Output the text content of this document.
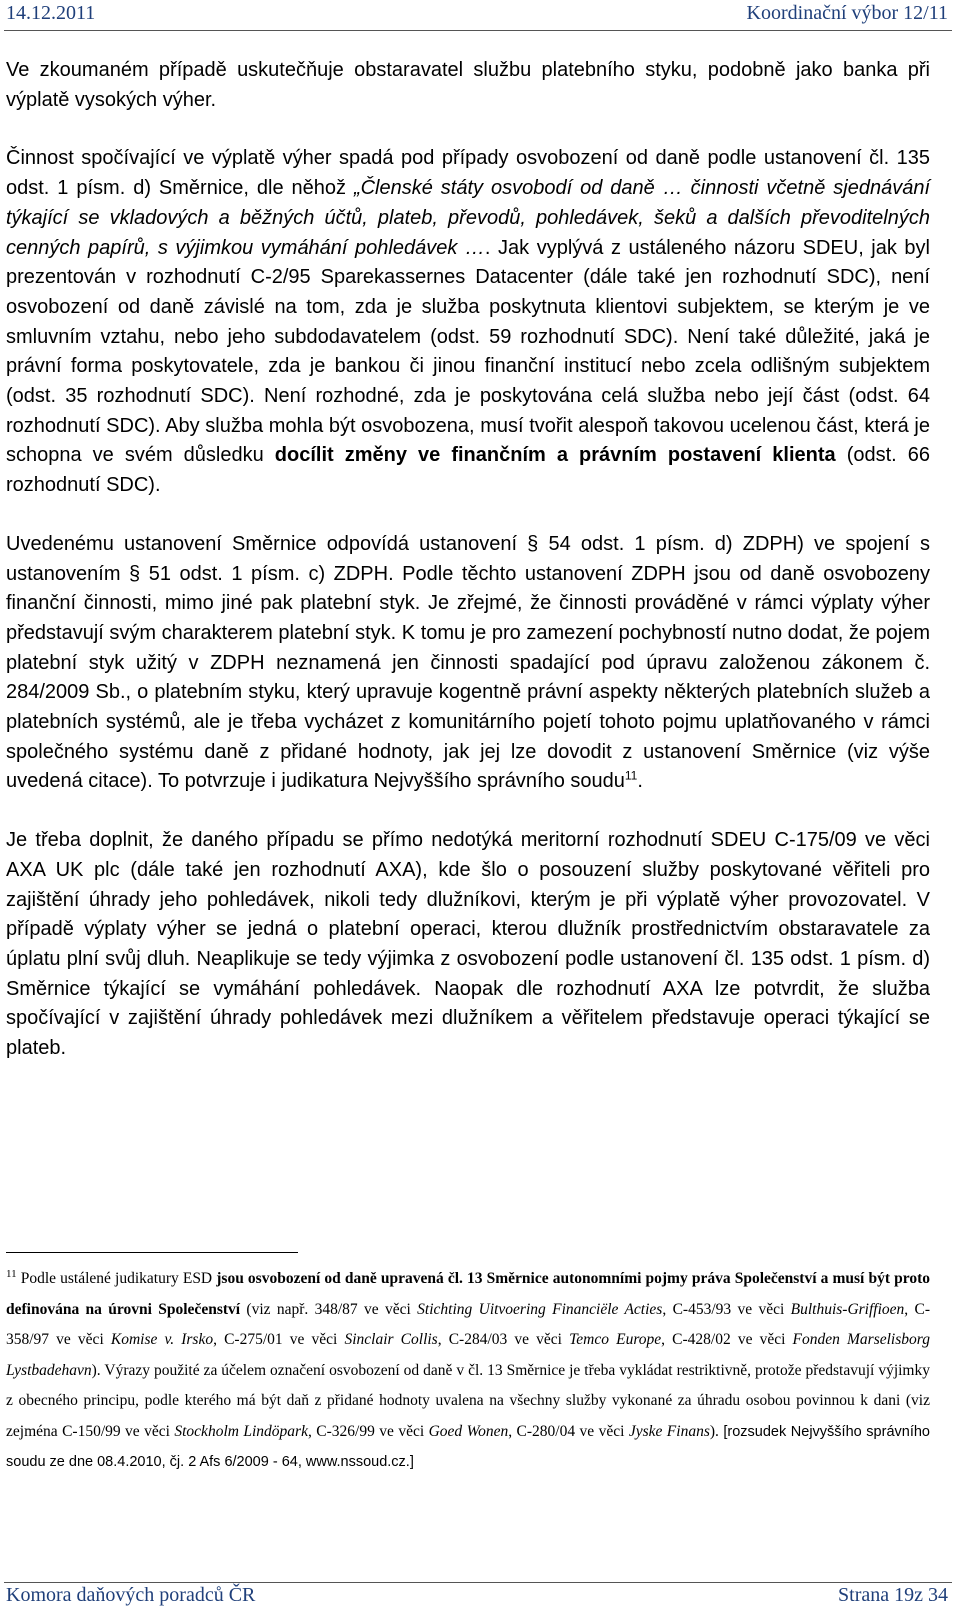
14.12.2011	Koordinační výbor 12/11

Ve zkoumaném případě uskutečňuje obstaravatel službu platebního styku, podobně jako banka při výplatě vysokých výher.

Činnost spočívající ve výplatě výher spadá pod případy osvobození od daně podle ustanovení čl. 135 odst. 1 písm. d) Směrnice, dle něhož „Členské státy osvobodí od daně … činnosti včetně sjednávání týkající se vkladových a běžných účtů, plateb, převodů, pohledávek, šeků a dalších převoditelných cenných papírů, s výjimkou vymáhání pohledávek …. Jak vyplývá z ustáleného názoru SDEU, jak byl prezentován v rozhodnutí C-2/95 Sparekassernes Datacenter (dále také jen rozhodnutí SDC), není osvobození od daně závislé na tom, zda je služba poskytnuta klientovi subjektem, se kterým je ve smluvním vztahu, nebo jeho subdodavatelem (odst. 59 rozhodnutí SDC). Není také důležité, jaká je právní forma poskytovatele, zda je bankou či jinou finanční institucí nebo zcela odlišným subjektem (odst. 35 rozhodnutí SDC). Není rozhodné, zda je poskytována celá služba nebo její část (odst. 64 rozhodnutí SDC). Aby služba mohla být osvobozena, musí tvořit alespoň takovou ucelenou část, která je schopna ve svém důsledku docílit změny ve finančním a právním postavení klienta (odst. 66 rozhodnutí SDC).

Uvedenému ustanovení Směrnice odpovídá ustanovení § 54 odst. 1 písm. d) ZDPH) ve spojení s ustanovením § 51 odst. 1 písm. c) ZDPH. Podle těchto ustanovení ZDPH jsou od daně osvobozeny finanční činnosti, mimo jiné pak platební styk. Je zřejmé, že činnosti prováděné v rámci výplaty výher představují svým charakterem platební styk. K tomu je pro zamezení pochybností nutno dodat, že pojem platební styk užitý v ZDPH neznamená jen činnosti spadající pod úpravu založenou zákonem č. 284/2009 Sb., o platebním styku, který upravuje kogentně právní aspekty některých platebních služeb a platebních systémů, ale je třeba vycházet z komunitárního pojetí tohoto pojmu uplatňovaného v rámci společného systému daně z přidané hodnoty, jak jej lze dovodit z ustanovení Směrnice (viz výše uvedená citace). To potvrzuje i judikatura Nejvyššího správního soudu$^{11}$.

Je třeba doplnit, že daného případu se přímo nedotýká meritorní rozhodnutí SDEU C-175/09 ve věci AXA UK plc (dále také jen rozhodnutí AXA), kde šlo o posouzení služby poskytované věřiteli pro zajištění úhrady jeho pohledávek, nikoli tedy dlužníkovi, kterým je při výplatě výher provozovatel. V případě výplaty výher se jedná o platební operaci, kterou dlužník prostřednictvím obstaravatele za úplatu plní svůj dluh. Neaplikuje se tedy výjimka z osvobození podle ustanovení čl. 135 odst. 1 písm. d) Směrnice týkající se vymáhání pohledávek. Naopak dle rozhodnutí AXA lze potvrdit, že služba spočívající v zajištění úhrady pohledávek mezi dlužníkem a věřitelem představuje operaci týkající se plateb.

$^{11}$ Podle ustálené judikatury ESD jsou osvobození od daně upravená čl. 13 Směrnice autonomními pojmy práva Společenství a musí být proto definována na úrovni Společenství (viz např. 348/87 ve věci Stichting Uitvoering Financiële Acties, C-453/93 ve věci Bulthuis-Griffioen, C-358/97 ve věci Komise v. Irsko, C-275/01 ve věci Sinclair Collis, C-284/03 ve věci Temco Europe, C-428/02 ve věci Fonden Marselisborg Lystbadehavn). Výrazy použité za účelem označení osvobození od daně v čl. 13 Směrnice je třeba vykládat restriktivně, protože představují výjimky z obecného principu, podle kterého má být daň z přidané hodnoty uvalena na všechny služby vykonané za úhradu osobou povinnou k dani (viz zejména C-150/99 ve věci Stockholm Lindöpark, C-326/99 ve věci Goed Wonen, C-280/04 ve věci Jyske Finans). [rozsudek Nejvyššího správního soudu ze dne 08.4.2010, čj. 2 Afs 6/2009 - 64, www.nssoud.cz.]
Komora daňových poradců ČR	Strana 19z 34
